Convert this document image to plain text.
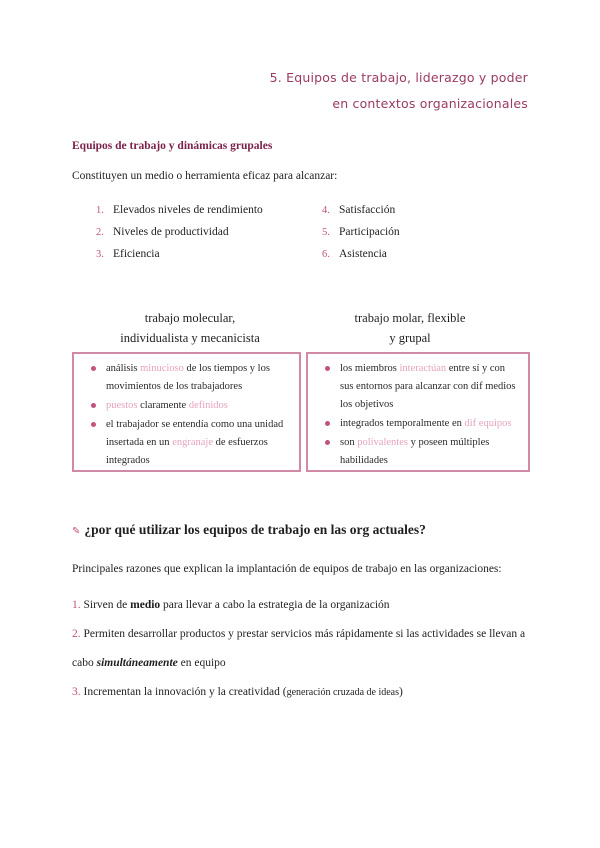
5. Equipos de trabajo, liderazgo y poder
en contextos organizacionales
Equipos de trabajo y dinámicas grupales
Constituyen un medio o herramienta eficaz para alcanzar:
1. Elevados niveles de rendimiento
2. Niveles de productividad
3. Eficiencia
4. Satisfacción
5. Participación
6. Asistencia
trabajo molecular,
individualista y mecanicista
trabajo molar, flexible
y grupal
análisis minucioso de los tiempos y los movimientos de los trabajadores
puestos claramente definidos
el trabajador se entendía como una unidad insertada en un engranaje de esfuerzos integrados
los miembros interactúan entre sí y con sus entornos para alcanzar con dif medios los objetivos
integrados temporalmente en dif equipos
son polivalentes y poseen múltiples habilidades
✎ ¿por qué utilizar los equipos de trabajo en las org actuales?
Principales razones que explican la implantación de equipos de trabajo en las organizaciones:
1. Sirven de medio para llevar a cabo la estrategia de la organización
2. Permiten desarrollar productos y prestar servicios más rápidamente si las actividades se llevan a
cabo simultáneamente en equipo
3. Incrementan la innovación y la creatividad (generación cruzada de ideas)
